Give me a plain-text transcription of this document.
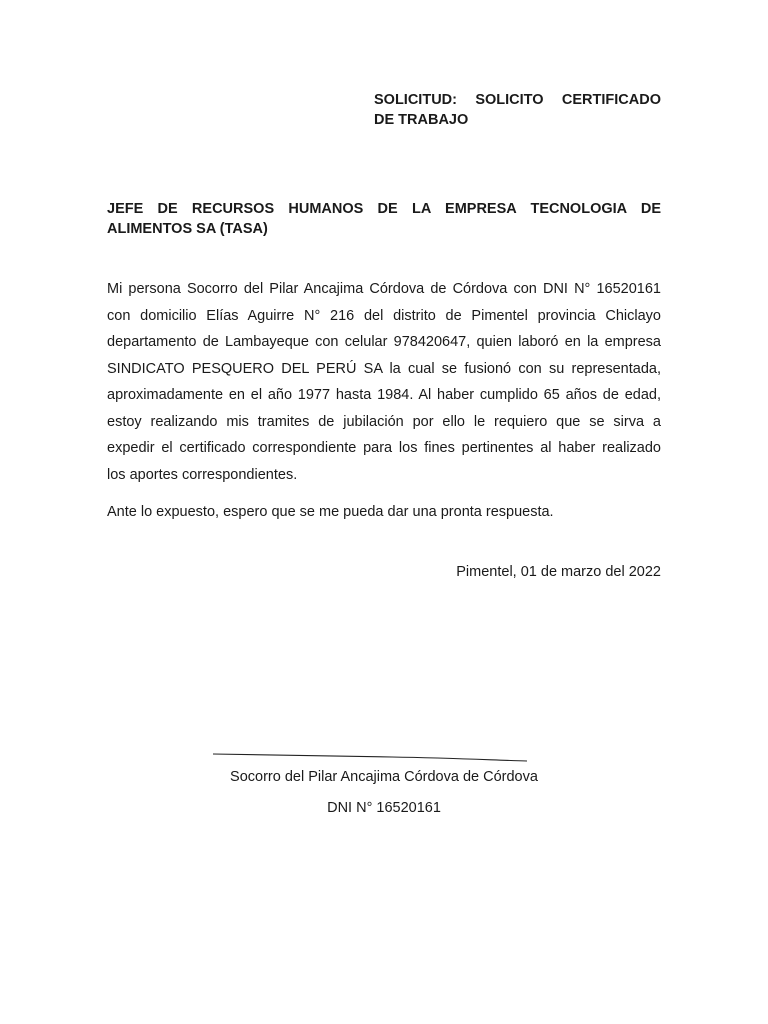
SOLICITUD: SOLICITO CERTIFICADO
DE TRABAJO
JEFE DE RECURSOS HUMANOS DE LA EMPRESA TECNOLOGIA DE
ALIMENTOS SA (TASA)
Mi persona Socorro del Pilar Ancajima Córdova de Córdova con DNI N° 16520161
con domicilio Elías Aguirre N° 216 del distrito de Pimentel provincia Chiclayo
departamento de Lambayeque con celular 978420647, quien laboró en la empresa
SINDICATO PESQUERO DEL PERÚ SA la cual se fusionó con su representada,
aproximadamente en el año 1977 hasta 1984. Al haber cumplido 65 años de edad,
estoy realizando mis tramites de jubilación por ello le requiero que se sirva a
expedir el certificado correspondiente para los fines pertinentes al haber realizado
los aportes correspondientes.
Ante lo expuesto, espero que se me pueda dar una pronta respuesta.
Pimentel, 01 de marzo del 2022
Socorro del Pilar Ancajima Córdova de Córdova
DNI N° 16520161
